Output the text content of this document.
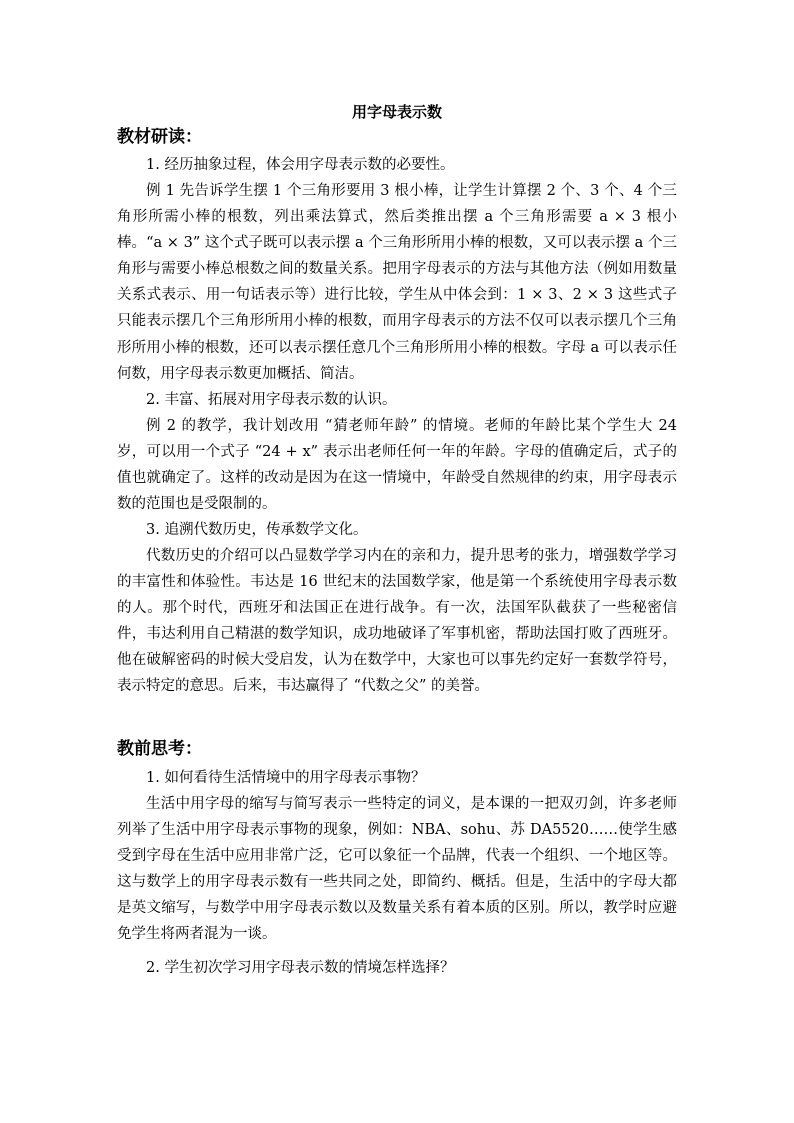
用字母表示数
教材研读：
1. 经历抽象过程，体会用字母表示数的必要性。
例 1 先告诉学生摆 1 个三角形要用 3 根小棒，让学生计算摆 2 个、3 个、4 个三角形所需小棒的根数，列出乘法算式，然后类推出摆 a 个三角形需要 a × 3 根小棒。“a × 3” 这个式子既可以表示摆 a 个三角形所用小棒的根数，又可以表示摆 a 个三角形与需要小棒总根数之间的数量关系。把用字母表示的方法与其他方法（例如用数量关系式表示、用一句话表示等）进行比较，学生从中体会到：1 × 3、2 × 3 这些式子只能表示摆几个三角形所用小棒的根数，而用字母表示的方法不仅可以表示摆几个三角形所用小棒的根数，还可以表示摆任意几个三角形所用小棒的根数。字母 a 可以表示任何数，用字母表示数更加概括、简洁。
2. 丰富、拓展对用字母表示数的认识。
例 2 的教学，我计划改用 “猜老师年龄” 的情境。老师的年龄比某个学生大 24 岁，可以用一个式子 “24 + x” 表示出老师任何一年的年龄。字母的值确定后，式子的值也就确定了。这样的改动是因为在这一情境中，年龄受自然规律的约束，用字母表示数的范围也是受限制的。
3. 追溯代数历史，传承数学文化。
代数历史的介绍可以凸显数学学习内在的亲和力，提升思考的张力，增强数学学习的丰富性和体验性。韦达是 16 世纪末的法国数学家，他是第一个系统使用字母表示数的人。那个时代，西班牙和法国正在进行战争。有一次，法国军队截获了一些秘密信件，韦达利用自己精湛的数学知识，成功地破译了军事机密，帮助法国打败了西班牙。他在破解密码的时候大受启发，认为在数学中，大家也可以事先约定好一套数学符号，表示特定的意思。后来，韦达赢得了 “代数之父” 的美誉。
教前思考：
1. 如何看待生活情境中的用字母表示事物？
生活中用字母的缩写与简写表示一些特定的词义，是本课的一把双刃剑，许多老师列举了生活中用字母表示事物的现象，例如：NBA、sohu、苏 DA5520……使学生感受到字母在生活中应用非常广泛，它可以象征一个品牌，代表一个组织、一个地区等。这与数学上的用字母表示数有一些共同之处，即简约、概括。但是，生活中的字母大都是英文缩写，与数学中用字母表示数以及数量关系有着本质的区别。所以，教学时应避免学生将两者混为一谈。
2. 学生初次学习用字母表示数的情境怎样选择？
